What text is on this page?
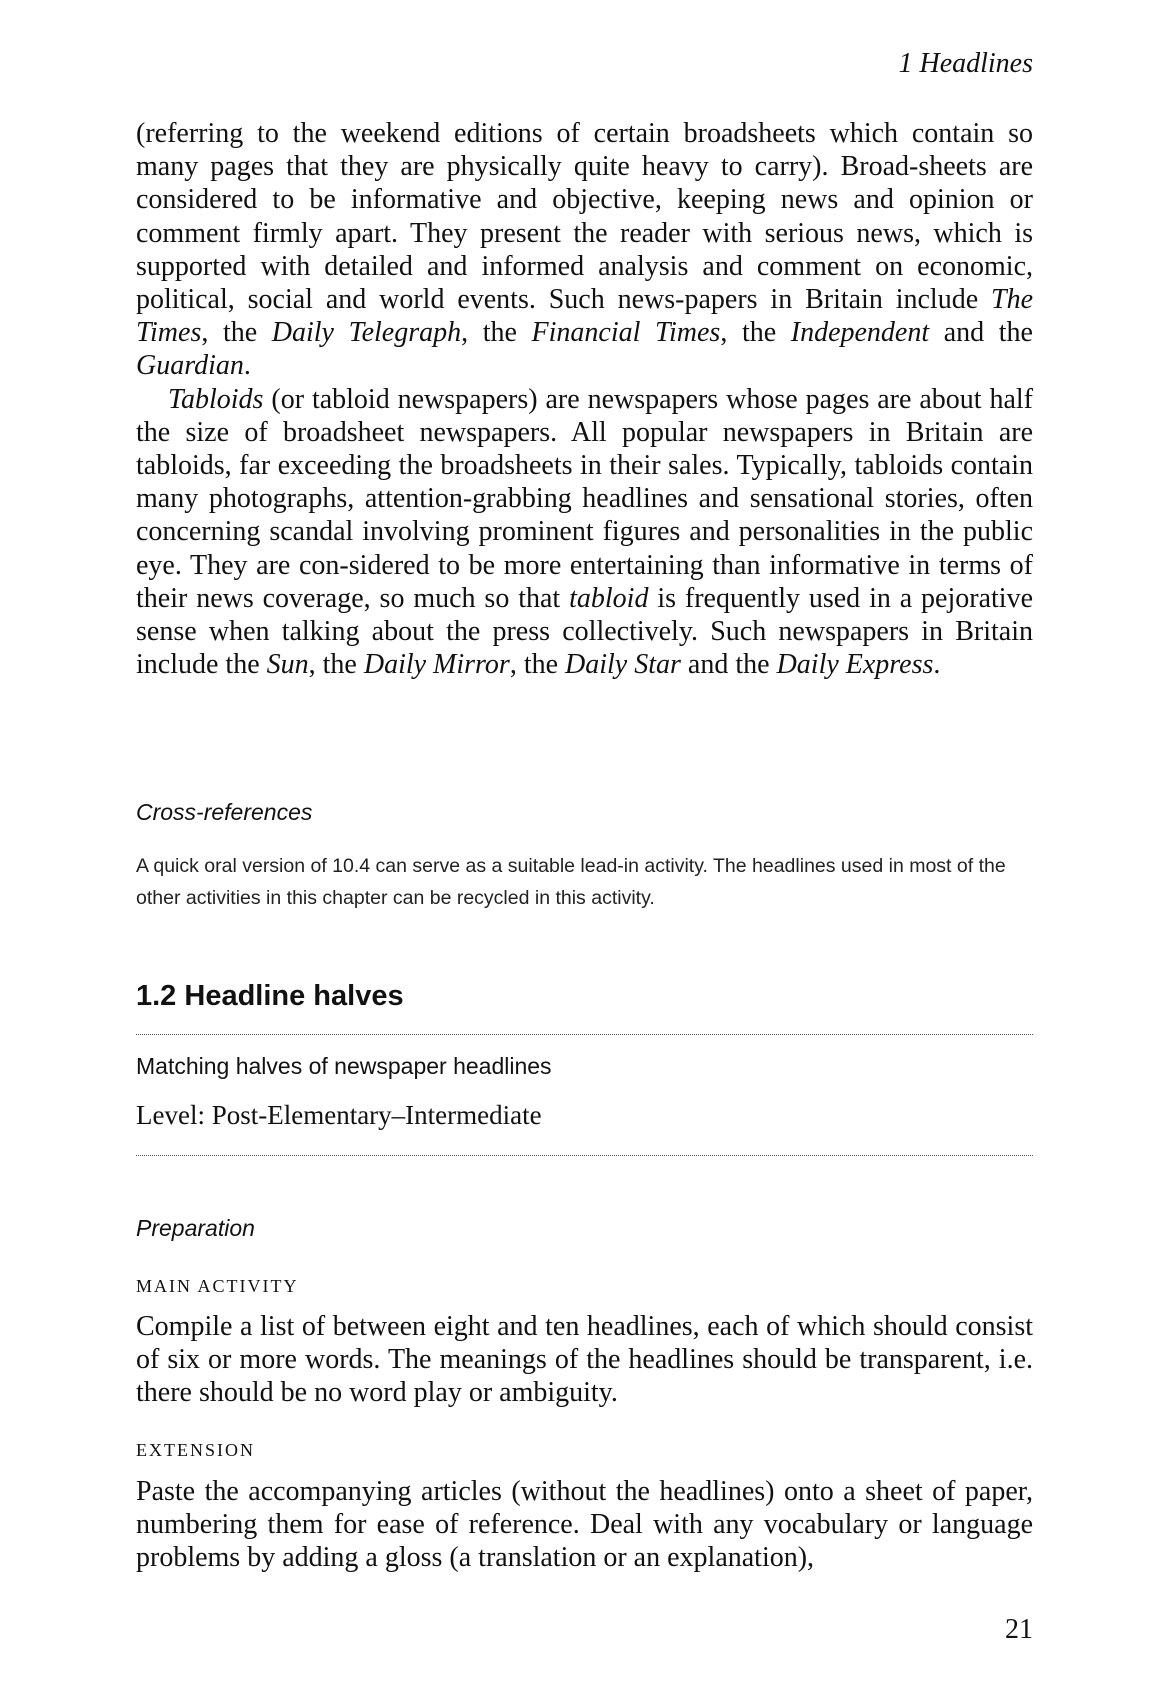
1 Headlines

(referring to the weekend editions of certain broadsheets which contain so many pages that they are physically quite heavy to carry). Broad-sheets are considered to be informative and objective, keeping news and opinion or comment firmly apart. They present the reader with serious news, which is supported with detailed and informed analysis and comment on economic, political, social and world events. Such news-papers in Britain include The Times, the Daily Telegraph, the Financial Times, the Independent and the Guardian.

Tabloids (or tabloid newspapers) are newspapers whose pages are about half the size of broadsheet newspapers. All popular newspapers in Britain are tabloids, far exceeding the broadsheets in their sales. Typically, tabloids contain many photographs, attention-grabbing headlines and sensational stories, often concerning scandal involving prominent figures and personalities in the public eye. They are con-sidered to be more entertaining than informative in terms of their news coverage, so much so that tabloid is frequently used in a pejorative sense when talking about the press collectively. Such newspapers in Britain include the Sun, the Daily Mirror, the Daily Star and the Daily Express.

Cross-references
A quick oral version of 10.4 can serve as a suitable lead-in activity. The headlines used in most of the other activities in this chapter can be recycled in this activity.
1.2 Headline halves
Matching halves of newspaper headlines
Level: Post-Elementary–Intermediate
Preparation
MAIN ACTIVITY
Compile a list of between eight and ten headlines, each of which should consist of six or more words. The meanings of the headlines should be transparent, i.e. there should be no word play or ambiguity.
EXTENSION
Paste the accompanying articles (without the headlines) onto a sheet of paper, numbering them for ease of reference. Deal with any vocabulary or language problems by adding a gloss (a translation or an explanation),
21
